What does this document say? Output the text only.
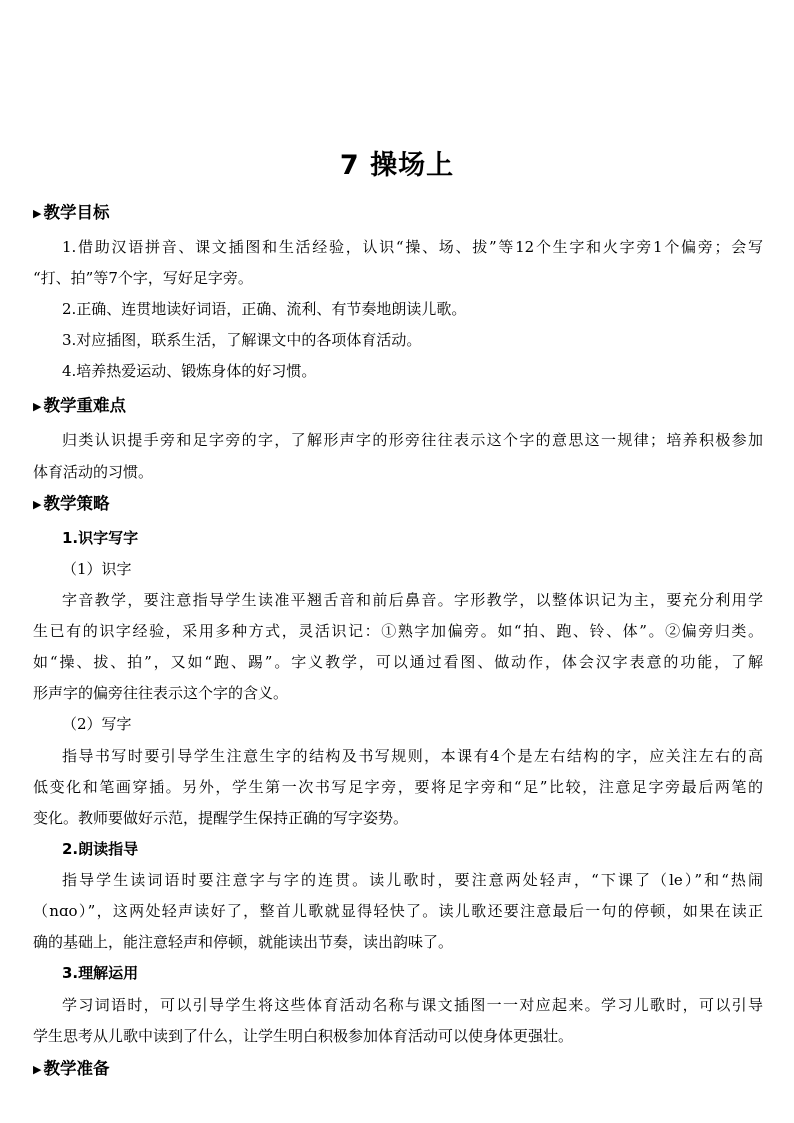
7 操场上
▶ 教学目标
1.借助汉语拼音、课文插图和生活经验，认识“操、场、拔”等12个生字和火字旁1个偏旁；会写
“打、拍”等7个字，写好足字旁。
2.正确、连贯地读好词语，正确、流利、有节奏地朗读儿歌。
3.对应插图，联系生活，了解课文中的各项体育活动。
4.培养热爱运动、锻炼身体的好习惯。
▶ 教学重难点
归类认识提手旁和足字旁的字，了解形声字的形旁往往表示这个字的意思这一规律；培养积极参加
体育活动的习惯。
▶ 教学策略
1.识字写字
（1）识字
字音教学，要注意指导学生读准平翘舌音和前后鼻音。字形教学，以整体识记为主，要充分利用学
生已有的识字经验，采用多种方式，灵活识记：①熟字加偏旁。如“拍、跑、铃、体”。②偏旁归类。
如“操、拔、拍”，又如“跑、踢”。字义教学，可以通过看图、做动作，体会汉字表意的功能，了解
形声字的偏旁往往表示这个字的含义。
（2）写字
指导书写时要引导学生注意生字的结构及书写规则，本课有4个是左右结构的字，应关注左右的高
低变化和笔画穿插。另外，学生第一次书写足字旁，要将足字旁和“足”比较，注意足字旁最后两笔的
变化。教师要做好示范，提醒学生保持正确的写字姿势。
2.朗读指导
指导学生读词语时要注意字与字的连贯。读儿歌时，要注意两处轻声，“下课了（le）”和“热闹
（nɑo）”，这两处轻声读好了，整首儿歌就显得轻快了。读儿歌还要注意最后一句的停顿，如果在读正
确的基础上，能注意轻声和停顿，就能读出节奏，读出韵味了。
3.理解运用
学习词语时，可以引导学生将这些体育活动名称与课文插图一一对应起来。学习儿歌时，可以引导
学生思考从儿歌中读到了什么，让学生明白积极参加体育活动可以使身体更强壮。
▶ 教学准备
